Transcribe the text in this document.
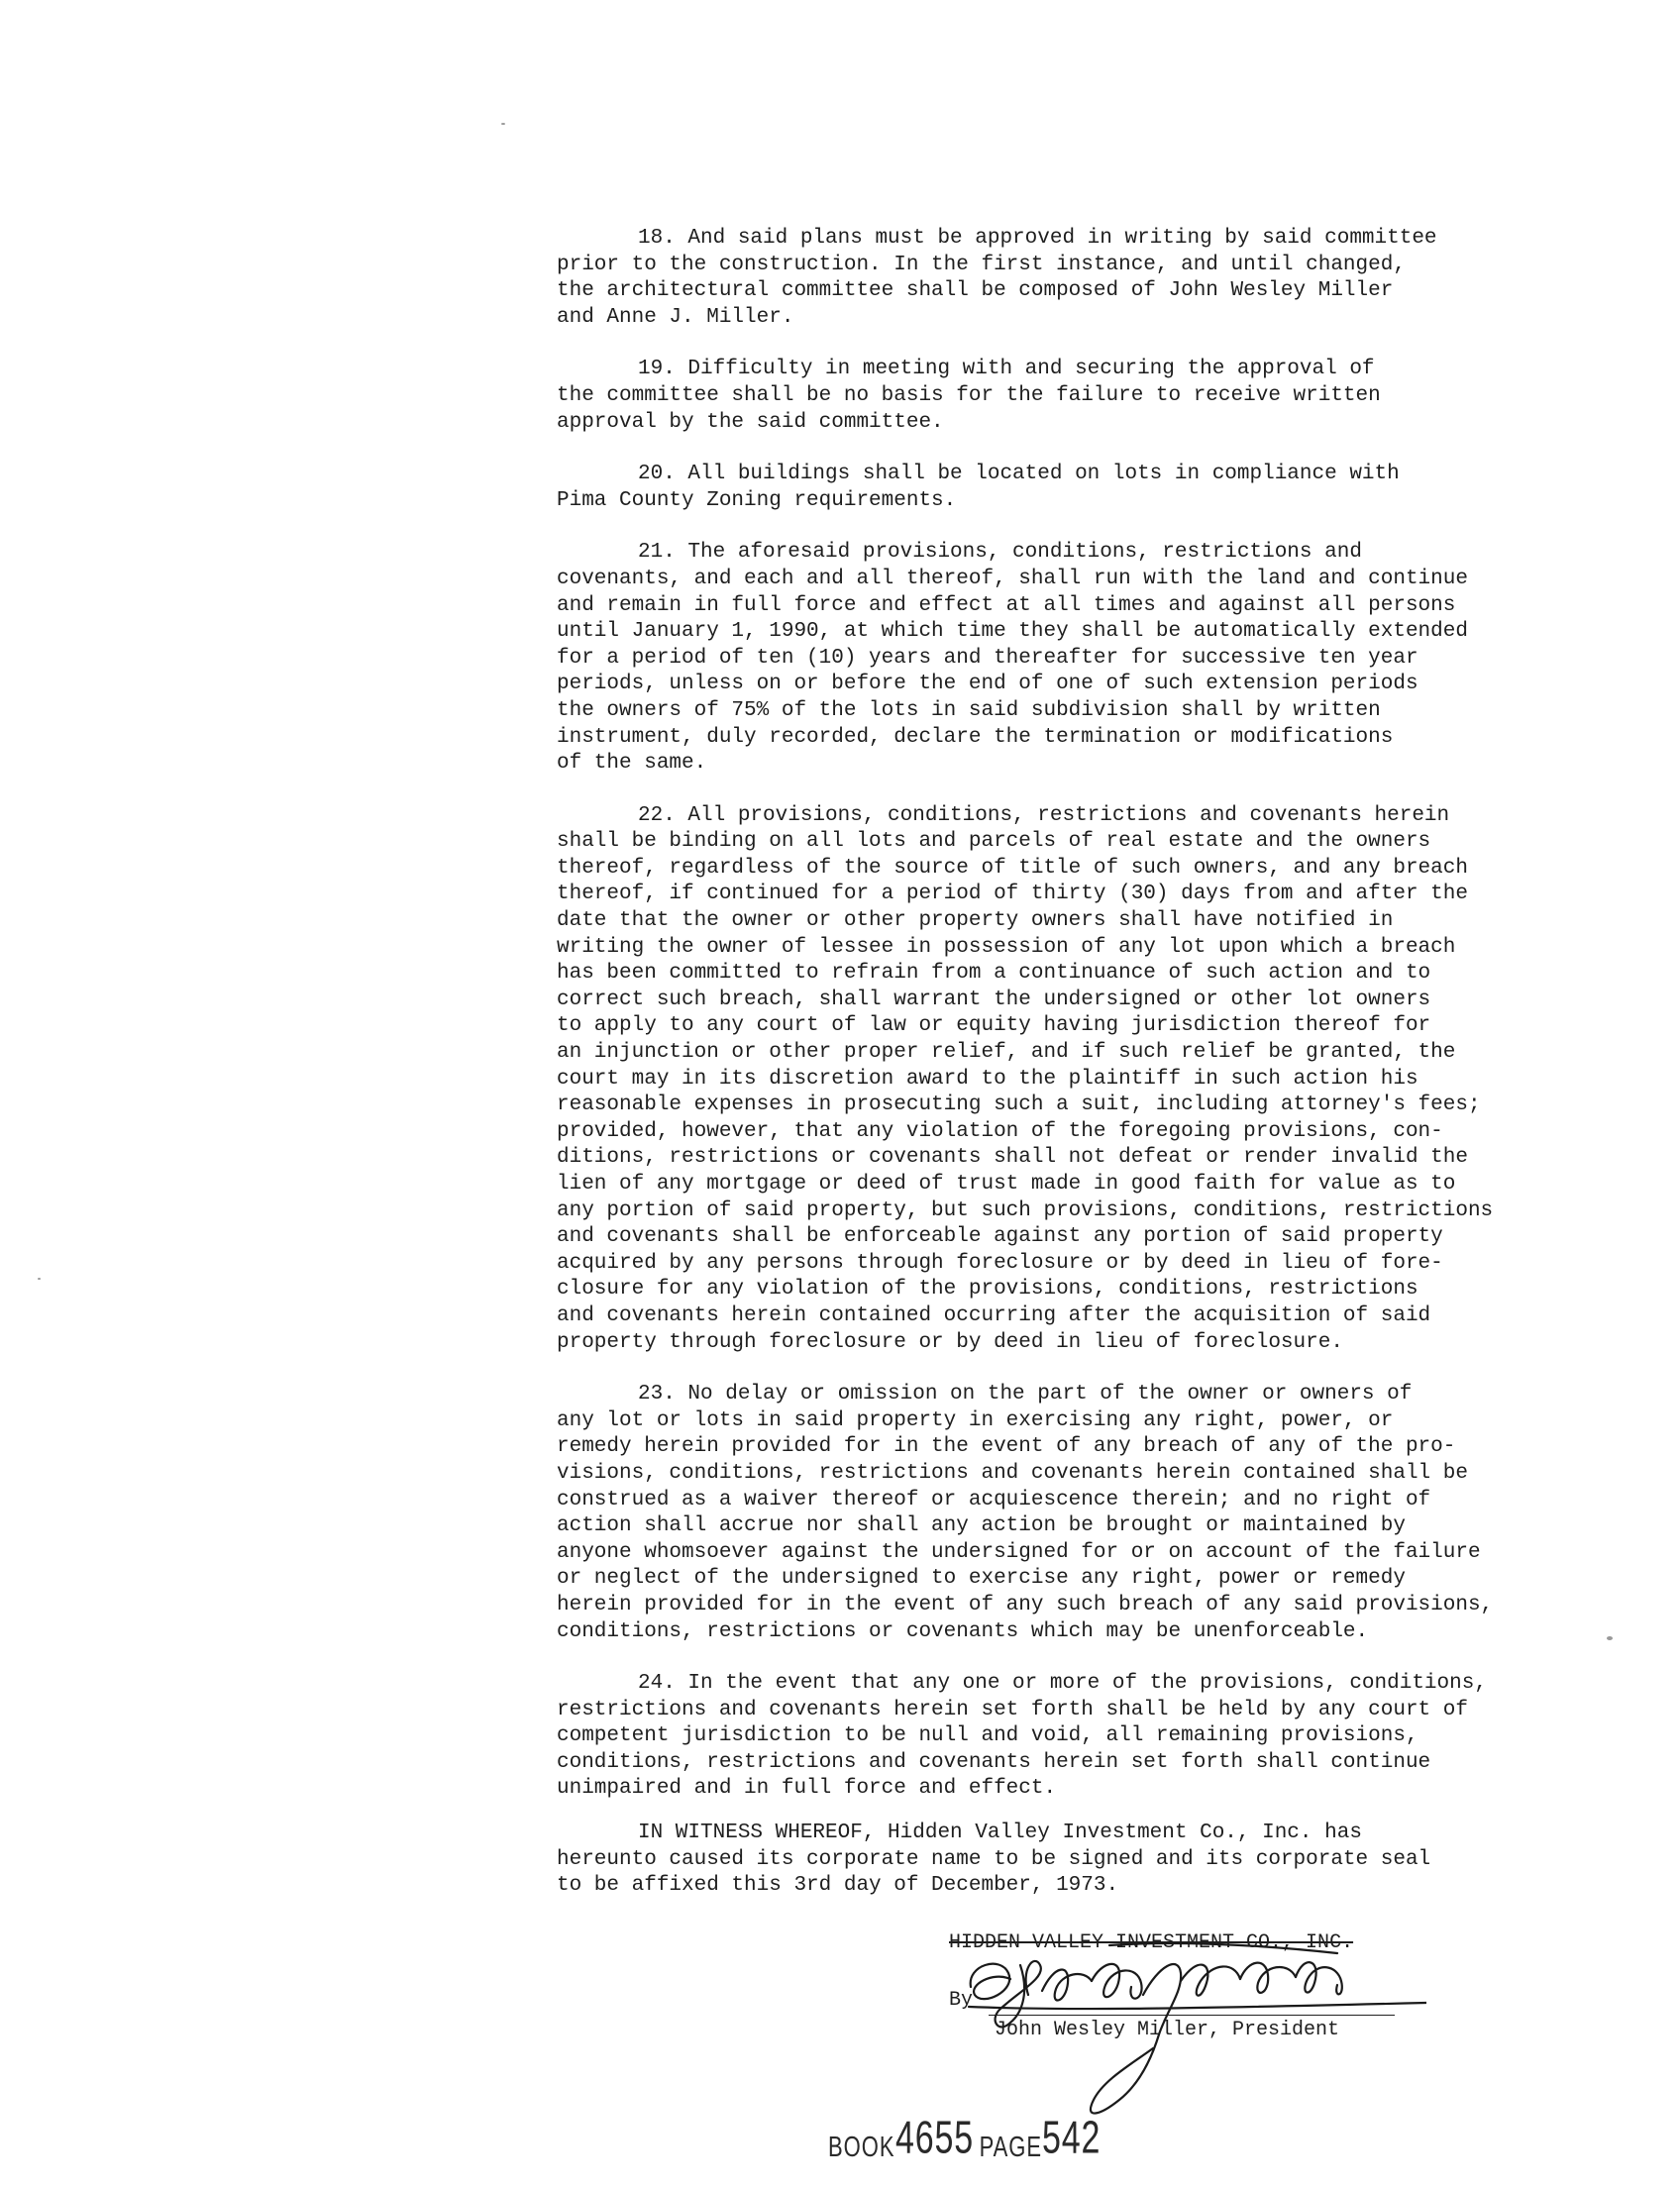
18. And said plans must be approved in writing by said committee
prior to the construction. In the first instance, and until changed,
the architectural committee shall be composed of John Wesley Miller
and Anne J. Miller.

19. Difficulty in meeting with and securing the approval of
the committee shall be no basis for the failure to receive written
approval by the said committee.

20. All buildings shall be located on lots in compliance with
Pima County Zoning requirements.

21. The aforesaid provisions, conditions, restrictions and
covenants, and each and all thereof, shall run with the land and continue
and remain in full force and effect at all times and against all persons
until January 1, 1990, at which time they shall be automatically extended
for a period of ten (10) years and thereafter for successive ten year
periods, unless on or before the end of one of such extension periods
the owners of 75% of the lots in said subdivision shall by written
instrument, duly recorded, declare the termination or modifications
of the same.

22. All provisions, conditions, restrictions and covenants herein
shall be binding on all lots and parcels of real estate and the owners
thereof, regardless of the source of title of such owners, and any breach
thereof, if continued for a period of thirty (30) days from and after the
date that the owner or other property owners shall have notified in
writing the owner of lessee in possession of any lot upon which a breach
has been committed to refrain from a continuance of such action and to
correct such breach, shall warrant the undersigned or other lot owners
to apply to any court of law or equity having jurisdiction thereof for
an injunction or other proper relief, and if such relief be granted, the
court may in its discretion award to the plaintiff in such action his
reasonable expenses in prosecuting such a suit, including attorney's fees;
provided, however, that any violation of the foregoing provisions, con-
ditions, restrictions or covenants shall not defeat or render invalid the
lien of any mortgage or deed of trust made in good faith for value as to
any portion of said property, but such provisions, conditions, restrictions
and covenants shall be enforceable against any portion of said property
acquired by any persons through foreclosure or by deed in lieu of fore-
closure for any violation of the provisions, conditions, restrictions
and covenants herein contained occurring after the acquisition of said
property through foreclosure or by deed in lieu of foreclosure.

23. No delay or omission on the part of the owner or owners of
any lot or lots in said property in exercising any right, power, or
remedy herein provided for in the event of any breach of any of the pro-
visions, conditions, restrictions and covenants herein contained shall be
construed as a waiver thereof or acquiescence therein; and no right of
action shall accrue nor shall any action be brought or maintained by
anyone whomsoever against the undersigned for or on account of the failure
or neglect of the undersigned to exercise any right, power or remedy
herein provided for in the event of any such breach of any said provisions,
conditions, restrictions or covenants which may be unenforceable.

24. In the event that any one or more of the provisions, conditions,
restrictions and covenants herein set forth shall be held by any court of
competent jurisdiction to be null and void, all remaining provisions,
conditions, restrictions and covenants herein set forth shall continue
unimpaired and in full force and effect.

IN WITNESS WHEREOF, Hidden Valley Investment Co., Inc. has
hereunto caused its corporate name to be signed and its corporate seal
to be affixed this 3rd day of December, 1973.

HIDDEN VALLEY INVESTMENT CO., INC.
By
John Wesley Miller, President
BOOK4655 PAGE542
